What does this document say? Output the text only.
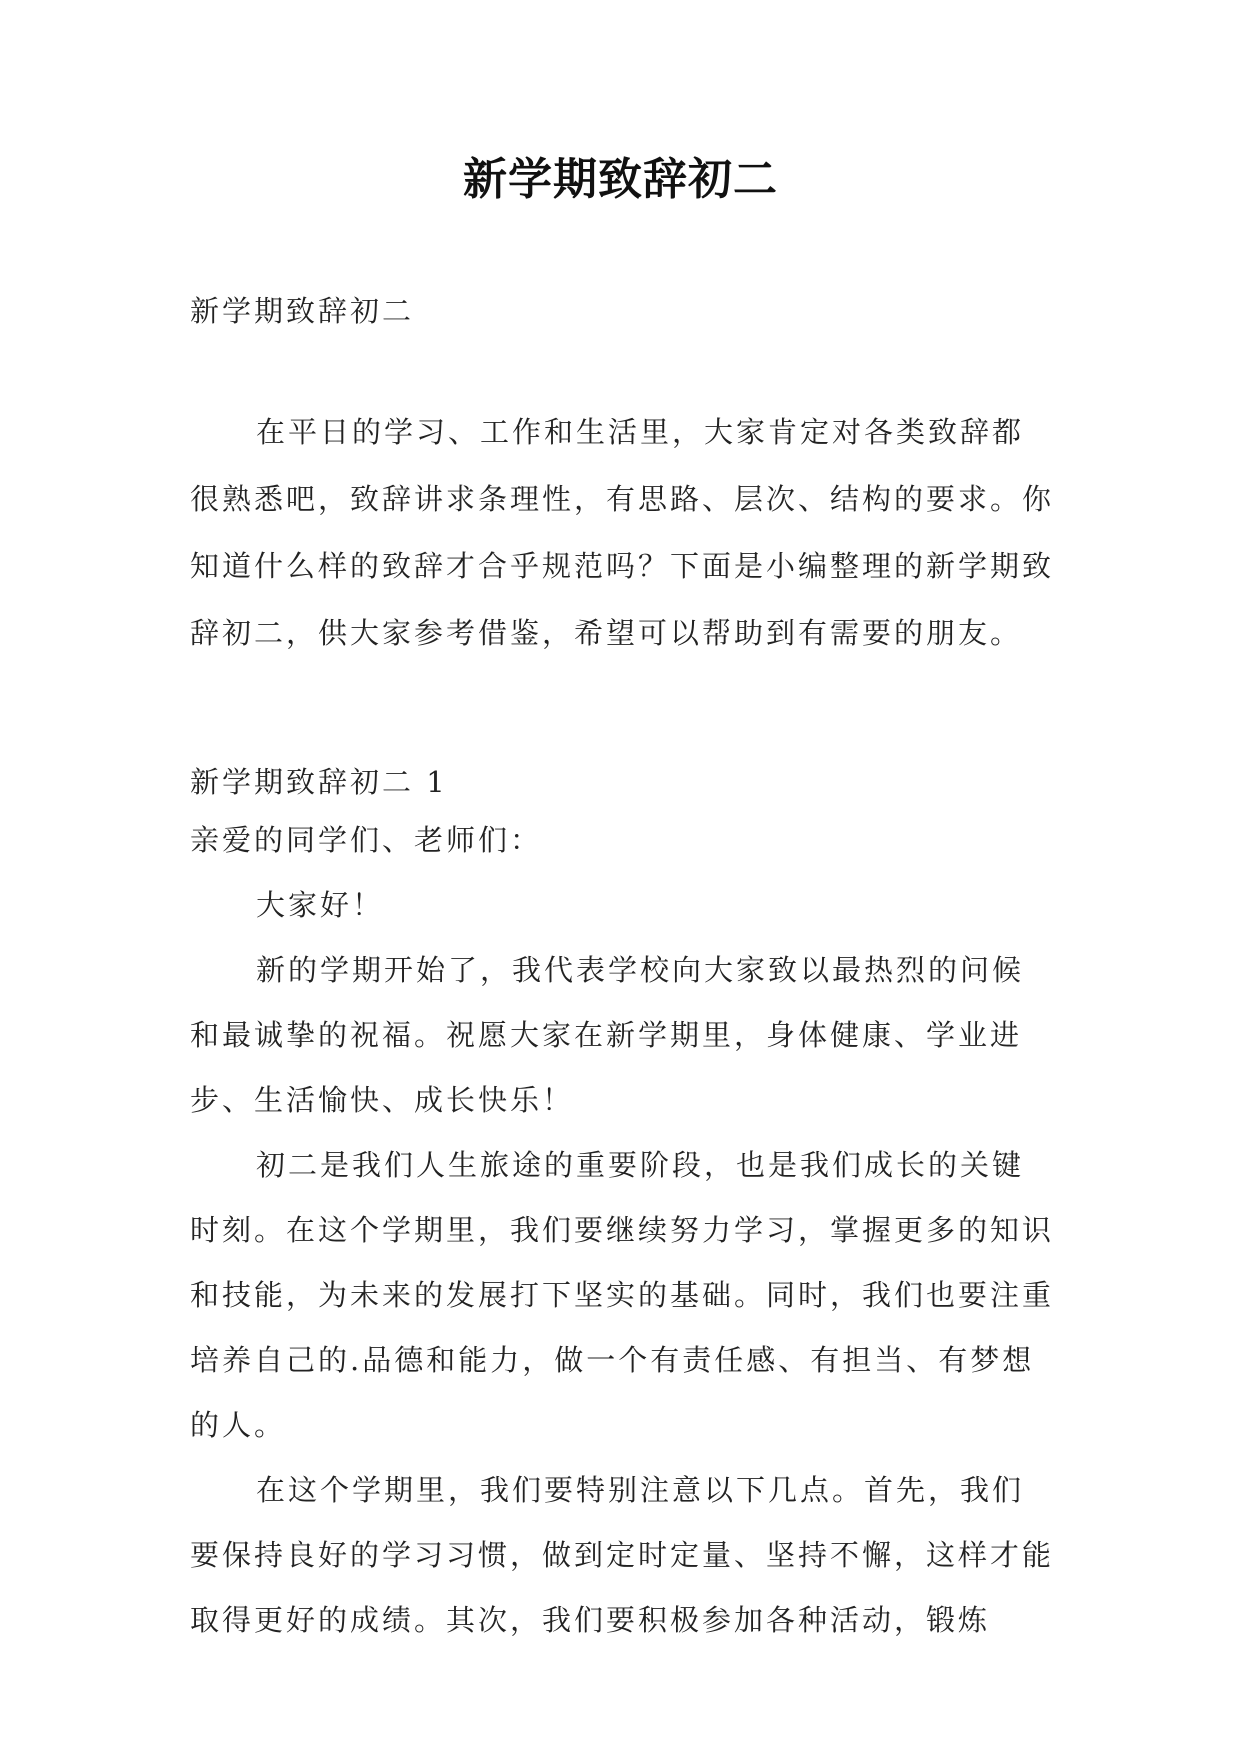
新学期致辞初二
新学期致辞初二

在平日的学习、工作和生活里，大家肯定对各类致辞都很熟悉吧，致辞讲求条理性，有思路、层次、结构的要求。你知道什么样的致辞才合乎规范吗？下面是小编整理的新学期致辞初二，供大家参考借鉴，希望可以帮助到有需要的朋友。

新学期致辞初二 1

亲爱的同学们、老师们：

大家好！

新的学期开始了，我代表学校向大家致以最热烈的问候和最诚挚的祝福。祝愿大家在新学期里，身体健康、学业进步、生活愉快、成长快乐！

初二是我们人生旅途的重要阶段，也是我们成长的关键时刻。在这个学期里，我们要继续努力学习，掌握更多的知识和技能，为未来的发展打下坚实的基础。同时，我们也要注重培养自己的.品德和能力，做一个有责任感、有担当、有梦想的人。

在这个学期里，我们要特别注意以下几点。首先，我们要保持良好的学习习惯，做到定时定量、坚持不懈，这样才能取得更好的成绩。其次，我们要积极参加各种活动，锻炼
